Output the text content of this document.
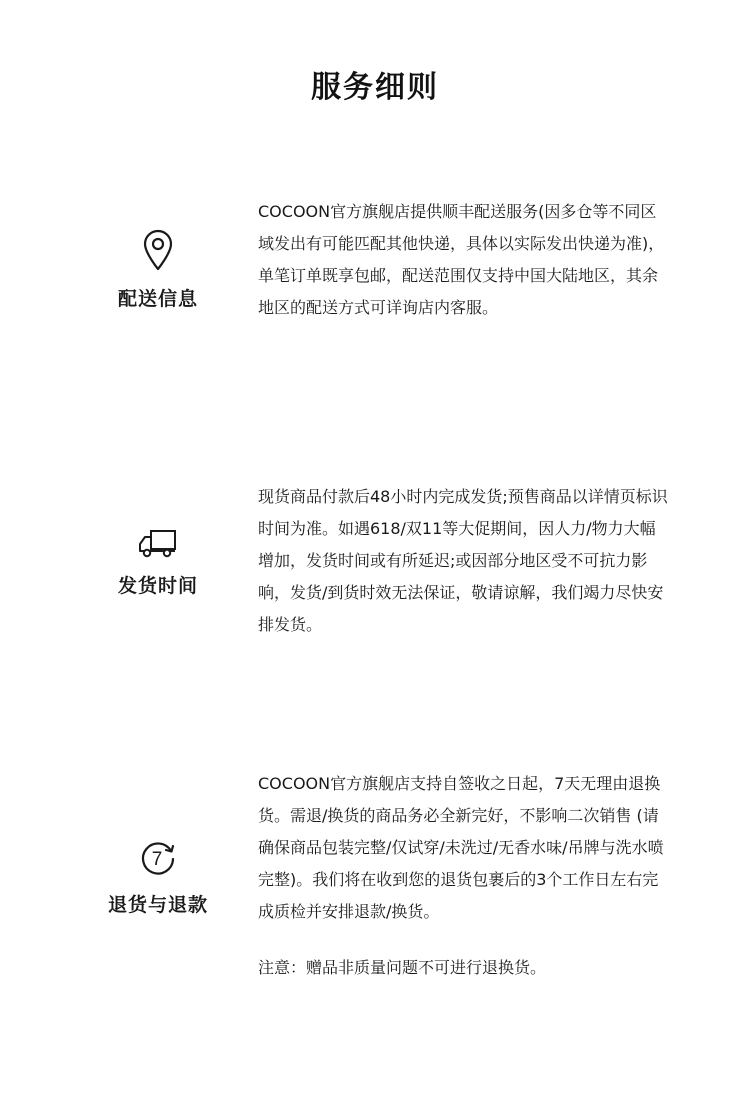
服务细则
配送信息

COCOON官方旗舰店提供顺丰配送服务(因多仓等不同区域发出有可能匹配其他快递，具体以实际发出快递为准)，单笔订单既享包邮，配送范围仅支持中国大陆地区，其余地区的配送方式可详询店内客服。

发货时间

现货商品付款后48小时内完成发货;预售商品以详情页标识时间为准。如遇618/双11等大促期间，因人力/物力大幅增加，发货时间或有所延迟;或因部分地区受不可抗力影响，发货/到货时效无法保证，敬请谅解，我们竭力尽快安排发货。

7
退货与退款

COCOON官方旗舰店支持自签收之日起，7天无理由退换货。需退/换货的商品务必全新完好，不影响二次销售 (请确保商品包装完整/仅试穿/未洗过/无香水味/吊牌与洗水喷完整)。我们将在收到您的退货包裹后的3个工作日左右完成质检并安排退款/换货。

注意：赠品非质量问题不可进行退换货。
